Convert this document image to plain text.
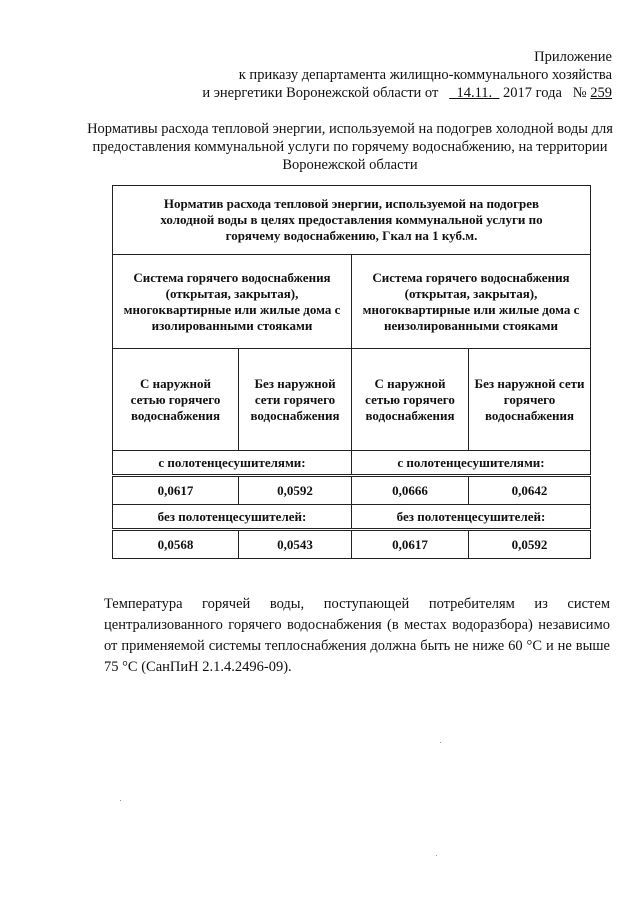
Приложение
к приказу департамента жилищно-коммунального хозяйства
и энергетики Воронежской области от 14.11. 2017 года № 259
Нормативы расхода тепловой энергии, используемой на подогрев холодной воды для предоставления коммунальной услуги по горячему водоснабжению, на территории Воронежской области
Норматив расхода тепловой энергии, используемой на подогрев холодной воды в целях предоставления коммунальной услуги по горячему водоснабжению, Гкал на 1 куб.м.			
Система горячего водоснабжения (открытая, закрытая), многоквартирные или жилые дома с изолированными стояками		Система горячего водоснабжения (открытая, закрытая), многоквартирные или жилые дома с неизолированными стояками	
С наружной сетью горячего водоснабжения	Без наружной сети горячего водоснабжения	С наружной сетью горячего водоснабжения	Без наружной сети горячего водоснабжения
с полотенцесушителями:		с полотенцесушителями:	
0,0617	0,0592	0,0666	0,0642
без полотенцесушителей:		без полотенцесушителей:	
0,0568	0,0543	0,0617	0,0592
Температура горячей воды, поступающей потребителям из систем централизованного горячего водоснабжения (в местах водоразбора) независимо от применяемой системы теплоснабжения должна быть не ниже 60 °С и не выше 75 °С (СанПиН 2.1.4.2496-09).
